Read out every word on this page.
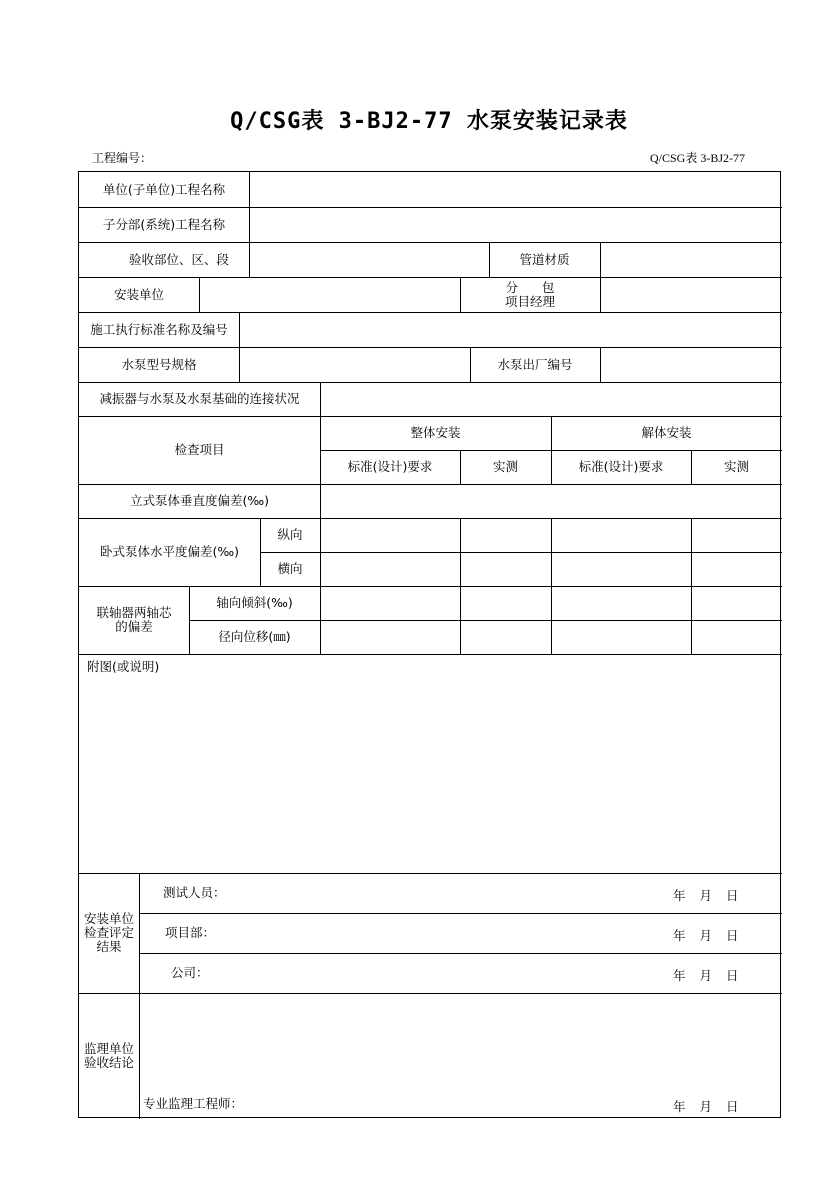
Q/CSG表 3-BJ2-77 水泵安装记录表
工程编号：	Q/CSG表 3-BJ2-77
单位(子单位)工程名称
子分部(系统)工程名称
验收部位、区、段	管道材质
安装单位	分      包
项目经理
施工执行标准名称及编号
水泵型号规格	水泵出厂编号
减振器与水泵及水泵基础的连接状况
检查项目
整体安装	解体安装
标准(设计)要求	实测	标准(设计)要求	实测
立式泵体垂直度偏差(‰)
卧式泵体水平度偏差(‰)
纵向
横向
联轴器两轴芯
的偏差
轴向倾斜(‰)
径向位移(㎜)
附图(或说明)
安装单位
检查评定
结果
测试人员：	年 月 日
项目部：	年 月 日
公司：	年 月 日
监理单位
验收结论
专业监理工程师：	年 月 日
